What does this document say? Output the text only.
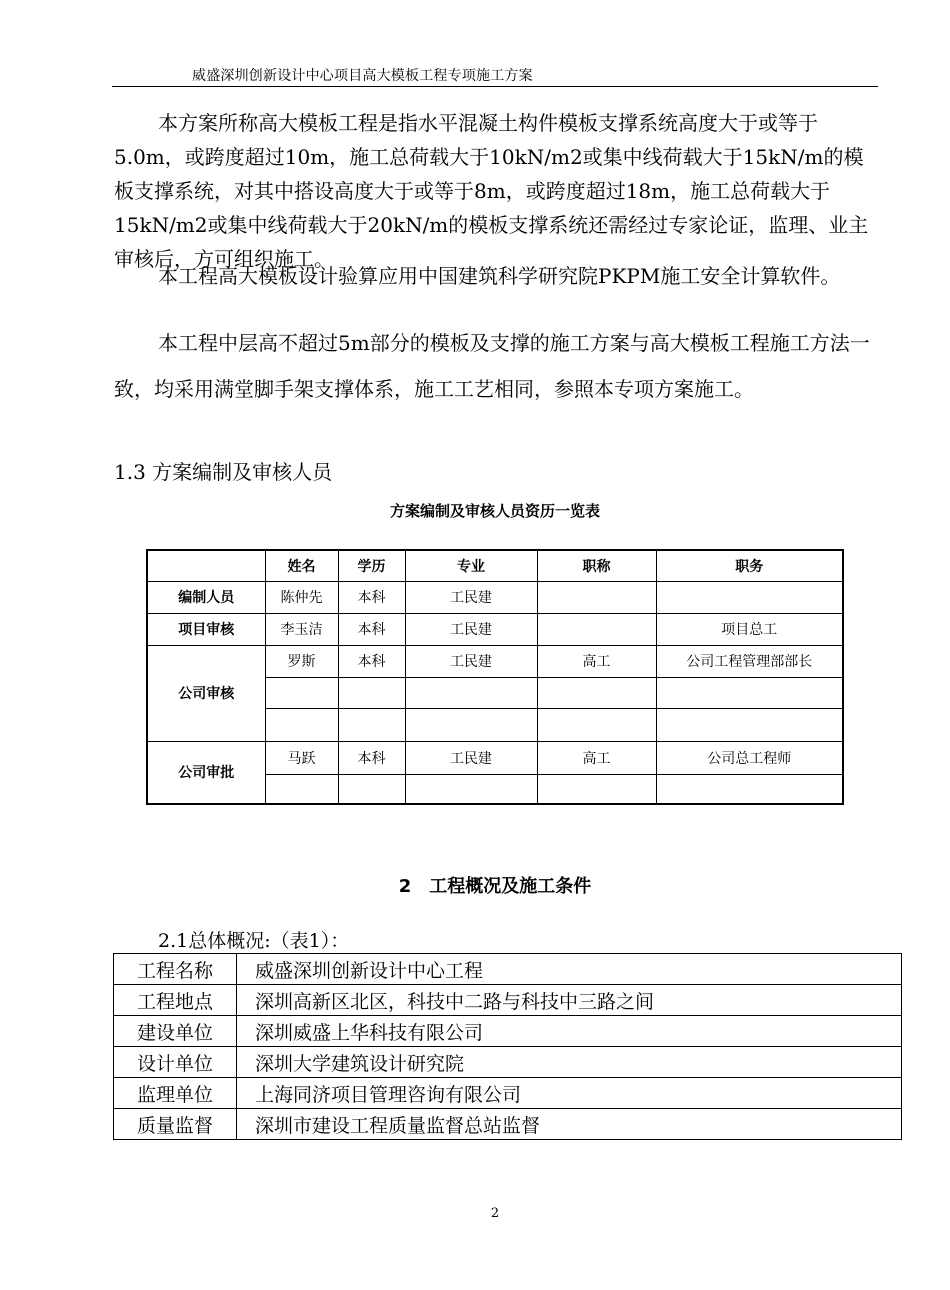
威盛深圳创新设计中心项目高大模板工程专项施工方案
本方案所称高大模板工程是指水平混凝土构件模板支撑系统高度大于或等于5.0m，或跨度超过10m，施工总荷载大于10kN/m2或集中线荷载大于15kN/m的模板支撑系统，对其中搭设高度大于或等于8m，或跨度超过18m，施工总荷载大于15kN/m2或集中线荷载大于20kN/m的模板支撑系统还需经过专家论证，监理、业主审核后，方可组织施工。
本工程高大模板设计验算应用中国建筑科学研究院PKPM施工安全计算软件。
本工程中层高不超过5m部分的模板及支撑的施工方案与高大模板工程施工方法一致，均采用满堂脚手架支撑体系，施工工艺相同，参照本专项方案施工。
1.3 方案编制及审核人员
方案编制及审核人员资历一览表
	姓名	学历	专业	职称	职务
编制人员	陈仲先	本科	工民建		
项目审核	李玉洁	本科	工民建		项目总工
公司审核	罗斯	本科	工民建	高工	公司工程管理部部长

公司审批	马跃	本科	工民建	高工	公司总工程师

2　工程概况及施工条件
2.1总体概况:（表1）：
工程名称	威盛深圳创新设计中心工程
工程地点	深圳高新区北区，科技中二路与科技中三路之间
建设单位	深圳威盛上华科技有限公司
设计单位	深圳大学建筑设计研究院
监理单位	上海同济项目管理咨询有限公司
质量监督	深圳市建设工程质量监督总站监督
2
